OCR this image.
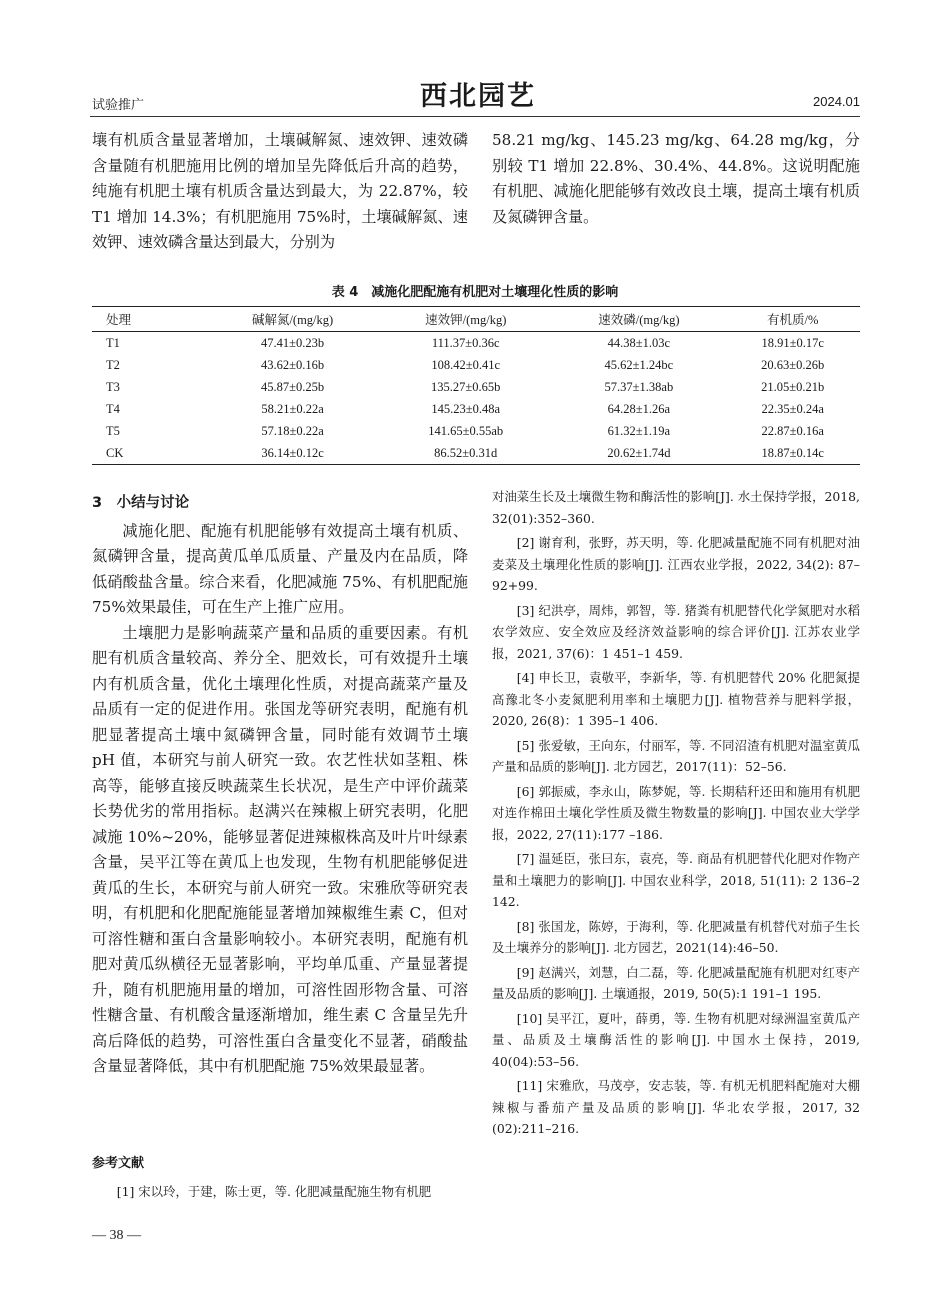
试验推广	西北园艺	2024.01

壤有机质含量显著增加，土壤碱解氮、速效钾、速效磷含量随有机肥施用比例的增加呈先降低后升高的趋势，纯施有机肥土壤有机质含量达到最大，为 22.87%，较 T1 增加 14.3%；有机肥施用 75%时，土壤碱解氮、速效钾、速效磷含量达到最大，分别为

58.21 mg/kg、145.23 mg/kg、64.28 mg/kg，分别较 T1 增加 22.8%、30.4%、44.8%。这说明配施有机肥、减施化肥能够有效改良土壤，提高土壤有机质及氮磷钾含量。

表 4　减施化肥配施有机肥对土壤理化性质的影响
处理	碱解氮/(mg/kg)	速效钾/(mg/kg)	速效磷/(mg/kg)	有机质/%
T1	47.41±0.23b	111.37±0.36c	44.38±1.03c	18.91±0.17c
T2	43.62±0.16b	108.42±0.41c	45.62±1.24bc	20.63±0.26b
T3	45.87±0.25b	135.27±0.65b	57.37±1.38ab	21.05±0.21b
T4	58.21±0.22a	145.23±0.48a	64.28±1.26a	22.35±0.24a
T5	57.18±0.22a	141.65±0.55ab	61.32±1.19a	22.87±0.16a
CK	36.14±0.12c	86.52±0.31d	20.62±1.74d	18.87±0.14c

3　小结与讨论

减施化肥、配施有机肥能够有效提高土壤有机质、氮磷钾含量，提高黄瓜单瓜质量、产量及内在品质，降低硝酸盐含量。综合来看，化肥减施 75%、有机肥配施 75%效果最佳，可在生产上推广应用。

土壤肥力是影响蔬菜产量和品质的重要因素。有机肥有机质含量较高、养分全、肥效长，可有效提升土壤内有机质含量，优化土壤理化性质，对提高蔬菜产量及品质有一定的促进作用。张国龙等研究表明，配施有机肥显著提高土壤中氮磷钾含量，同时能有效调节土壤 pH 值，本研究与前人研究一致。农艺性状如茎粗、株高等，能够直接反映蔬菜生长状况，是生产中评价蔬菜长势优劣的常用指标。赵满兴在辣椒上研究表明，化肥减施 10%~20%，能够显著促进辣椒株高及叶片叶绿素含量，吴平江等在黄瓜上也发现，生物有机肥能够促进黄瓜的生长，本研究与前人研究一致。宋雅欣等研究表明，有机肥和化肥配施能显著增加辣椒维生素 C，但对可溶性糖和蛋白含量影响较小。本研究表明，配施有机肥对黄瓜纵横径无显著影响，平均单瓜重、产量显著提升，随有机肥施用量的增加，可溶性固形物含量、可溶性糖含量、有机酸含量逐渐增加，维生素 C 含量呈先升高后降低的趋势，可溶性蛋白含量变化不显著，硝酸盐含量显著降低，其中有机肥配施 75%效果最显著。

参考文献

[1] 宋以玲，于建，陈士更，等. 化肥减量配施生物有机肥

对油菜生长及土壤微生物和酶活性的影响[J]. 水土保持学报，2018, 32(01):352–360.

[2] 谢育利，张野，苏天明，等. 化肥减量配施不同有机肥对油麦菜及土壤理化性质的影响[J]. 江西农业学报，2022, 34(2): 87–92+99.

[3] 纪洪亭，周炜，郭智，等. 猪粪有机肥替代化学氮肥对水稻农学效应、安全效应及经济效益影响的综合评价[J]. 江苏农业学报，2021, 37(6)：1 451–1 459.

[4] 申长卫，袁敬平，李新华，等. 有机肥替代 20% 化肥氮提高豫北冬小麦氮肥利用率和土壤肥力[J]. 植物营养与肥料学报，2020, 26(8)：1 395–1 406.

[5] 张爱敏，王向东，付丽军，等. 不同沼渣有机肥对温室黄瓜产量和品质的影响[J]. 北方园艺，2017(11)：52–56.

[6] 郭振威，李永山，陈梦妮，等. 长期秸秆还田和施用有机肥对连作棉田土壤化学性质及微生物数量的影响[J]. 中国农业大学学报，2022, 27(11):177 –186.

[7] 温延臣，张曰东，袁亮，等. 商品有机肥替代化肥对作物产量和土壤肥力的影响[J]. 中国农业科学，2018, 51(11): 2 136–2 142.

[8] 张国龙，陈婷，于海利，等. 化肥减量有机替代对茄子生长及土壤养分的影响[J]. 北方园艺，2021(14):46–50.

[9] 赵满兴，刘慧，白二磊，等. 化肥减量配施有机肥对红枣产量及品质的影响[J]. 土壤通报，2019, 50(5):1 191–1 195.

[10] 吴平江，夏叶，薛勇，等. 生物有机肥对绿洲温室黄瓜产量、品质及土壤酶活性的影响[J]. 中国水土保持，2019, 40(04):53–56.

[11] 宋雅欣，马茂亭，安志装，等. 有机无机肥料配施对大棚辣椒与番茄产量及品质的影响[J]. 华北农学报，2017, 32 (02):211–216.

— 38 —
